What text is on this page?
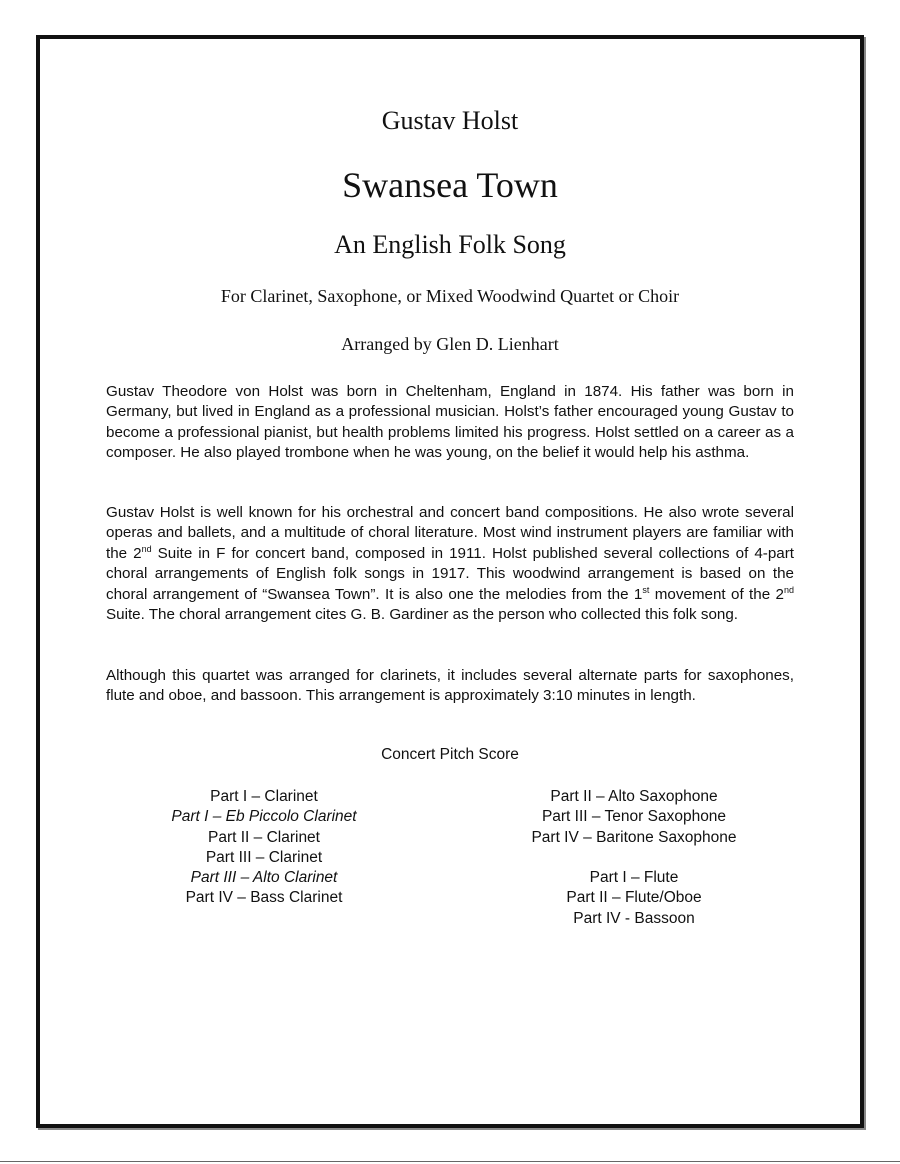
Gustav Holst
Swansea Town
An English Folk Song
For Clarinet, Saxophone, or Mixed Woodwind Quartet or Choir
Arranged by Glen D. Lienhart

Gustav Theodore von Holst was born in Cheltenham, England in 1874. His father was born in Germany, but lived in England as a professional musician. Holst’s father encouraged young Gustav to become a professional pianist, but health problems limited his progress. Holst settled on a career as a composer. He also played trombone when he was young, on the belief it would help his asthma.

Gustav Holst is well known for his orchestral and concert band compositions. He also wrote several operas and ballets, and a multitude of choral literature. Most wind instrument players are familiar with the 2nd Suite in F for concert band, composed in 1911. Holst published several collections of 4-part choral arrangements of English folk songs in 1917. This woodwind arrangement is based on the choral arrangement of “Swansea Town”. It is also one the melodies from the 1st movement of the 2nd Suite. The choral arrangement cites G. B. Gardiner as the person who collected this folk song.

Although this quartet was arranged for clarinets, it includes several alternate parts for saxophones, flute and oboe, and bassoon. This arrangement is approximately 3:10 minutes in length.

Concert Pitch Score
Part I – Clarinet
Part I – Eb Piccolo Clarinet
Part II – Clarinet
Part III – Clarinet
Part III – Alto Clarinet
Part IV – Bass Clarinet
Part II – Alto Saxophone
Part III – Tenor Saxophone
Part IV – Baritone Saxophone
Part I – Flute
Part II – Flute/Oboe
Part IV - Bassoon
